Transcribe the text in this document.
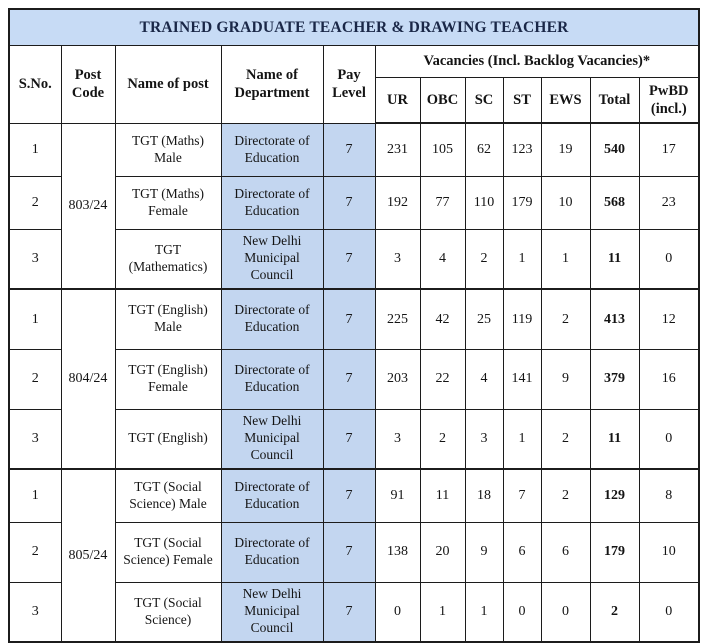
TRAINED GRADUATE TEACHER & DRAWING TEACHER											
S.No.	Post Code	Name of post	Name of Department	Pay Level	Vacancies (Incl. Backlog Vacancies)*						
					UR	OBC	SC	ST	EWS	Total	PwBD (incl.)
1	803/24	TGT (Maths) Male	Directorate of Education	7	231	105	62	123	19	540	17
2		TGT (Maths) Female	Directorate of Education	7	192	77	110	179	10	568	23
3		TGT (Mathematics)	New Delhi Municipal Council	7	3	4	2	1	1	11	0
1	804/24	TGT (English) Male	Directorate of Education	7	225	42	25	119	2	413	12
2		TGT (English) Female	Directorate of Education	7	203	22	4	141	9	379	16
3		TGT (English)	New Delhi Municipal Council	7	3	2	3	1	2	11	0
1	805/24	TGT (Social Science) Male	Directorate of Education	7	91	11	18	7	2	129	8
2		TGT (Social Science) Female	Directorate of Education	7	138	20	9	6	6	179	10
3		TGT (Social Science)	New Delhi Municipal Council	7	0	1	1	0	0	2	0
